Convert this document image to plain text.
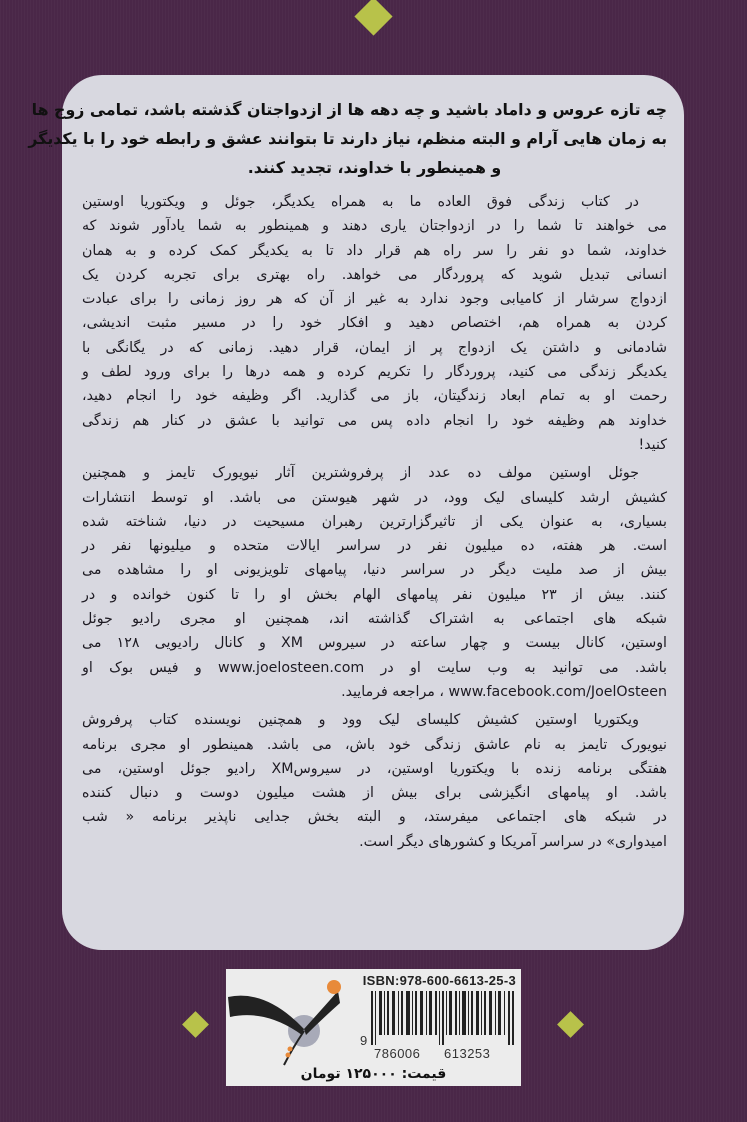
چه تازه عروس و داماد باشید و چه دهه ها از ازدواجتان گذشته باشد، تمامی زوج ها
به زمان هایی آرام و البته منظم، نیاز دارند تا بتوانند عشق و رابطه خود را با یکدیگر
و همینطور با خداوند، تجدید کنند.
در کتاب زندگی فوق العاده ما به همراه یکدیگر، جوئل و ویکتوریا اوستین
می خواهند تا شما را در ازدواجتان یاری دهند و همینطور به شما یادآور شوند که
خداوند، شما دو نفر را سر راه هم قرار داد تا به یکدیگر کمک کرده و به همان
انسانی تبدیل شوید که پروردگار می خواهد. راه بهتری برای تجربه کردن یک
ازدواج سرشار از کامیابی وجود ندارد به غیر از آن که هر روز زمانی را برای عبادت
کردن به همراه هم، اختصاص دهید و افکار خود را در مسیر مثبت اندیشی،
شادمانی و داشتن یک ازدواج پر از ایمان، قرار دهید. زمانی که در یگانگی با
یکدیگر زندگی می کنید، پروردگار را تکریم کرده و همه درها را برای ورود لطف و
رحمت او به تمام ابعاد زندگیتان، باز می گذارید. اگر وظیفه خود را انجام دهید،
خداوند هم وظیفه خود را انجام داده پس می توانید با عشق در کنار هم زندگی
کنید!
جوئل اوستین مولف ده عدد از پرفروشترین آثار نیویورک تایمز و همچنین
کشیش ارشد کلیسای لیک وود، در شهر هیوستن می باشد. او توسط انتشارات
بسیاری، به عنوان یکی از تاثیرگزارترین رهبران مسیحیت در دنیا، شناخته شده
است. هر هفته، ده میلیون نفر در سراسر ایالات متحده و میلیونها نفر در
بیش از صد ملیت دیگر در سراسر دنیا، پیامهای تلویزیونی او را مشاهده می
کنند. بیش از ۲۳ میلیون نفر پیامهای الهام بخش او را تا کنون خوانده و در
شبکه های اجتماعی به اشتراک گذاشته اند، همچنین او مجری رادیو جوئل
اوستین، کانال بیست و چهار ساعته در سیروس XM و کانال رادیویی ۱۲۸ می
باشد. می توانید به وب سایت او در www.joelosteen.com و فیس بوک او
www.facebook.com/JoelOsteen ، مراجعه فرمایید.
ویکتوریا اوستین کشیش کلیسای لیک وود و همچنین نویسنده کتاب پرفروش
نیویورک تایمز به نام عاشق زندگی خود باش، می باشد. همینطور او مجری برنامه
هفتگی برنامه زنده با ویکتوریا اوستین، در سیروسXM رادیو جوئل اوستین، می
باشد. او پیامهای انگیزشی برای بیش از هشت میلیون دوست و دنبال کننده
در شبکه های اجتماعی میفرستد، و البته بخش جدایی ناپذیر برنامه « شب
امیدواری» در سراسر آمریکا و کشورهای دیگر است.
ISBN:978-600-6613-25-3
9
786006 613253
قیمت: ۱۲۵۰۰۰ تومان
